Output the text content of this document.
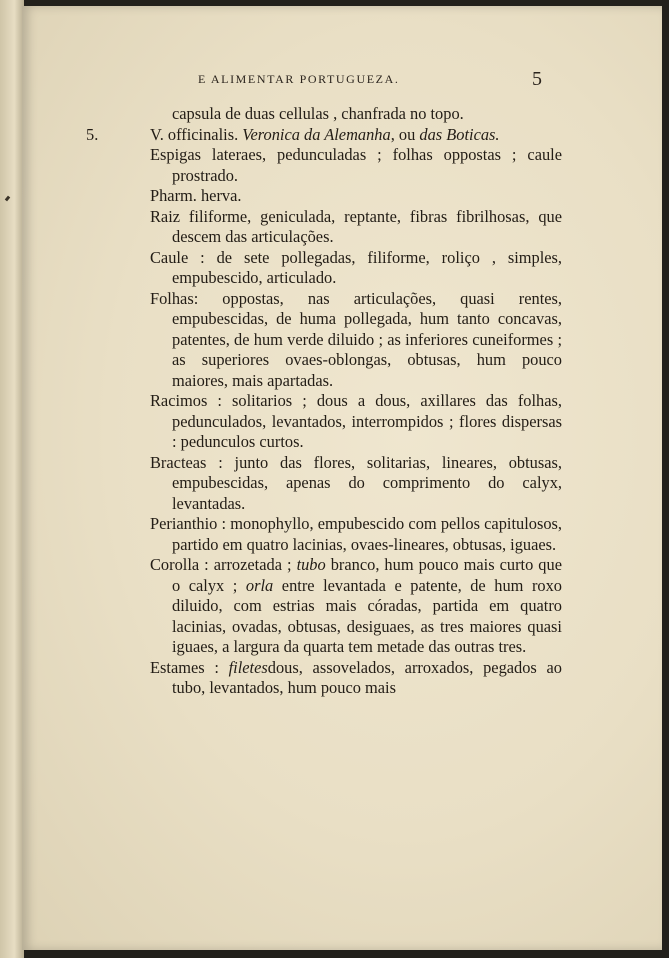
E ALIMENTAR PORTUGUEZA.	5

capsula de duas cellulas , chanfrada no topo.

5.	V. officinalis. Veronica da Alemanha, ou das Boticas.

Espigas lateraes, pedunculadas ; folhas oppostas ; caule prostrado.

Pharm. herva.

Raiz filiforme, geniculada, reptante, fibras fibrilhosas, que descem das articulações.

Caule : de sete pollegadas, filiforme, roliço , simples, empubescido, articulado.

Folhas: oppostas, nas articulações, quasi rentes, empubescidas, de huma pollegada, hum tanto concavas, patentes, de hum verde diluido ; as inferiores cuneiformes ; as superiores ovaes-oblongas, obtusas, hum pouco maiores, mais apartadas.

Racimos : solitarios ; dous a dous, axillares das folhas, pedunculados, levantados, interrompidos ; flores dispersas : pedunculos curtos.

Bracteas : junto das flores, solitarias, lineares, obtusas, empubescidas, apenas do comprimento do calyx, levantadas.

Perianthio : monophyllo, empubescido com pellos capitulosos, partido em quatro lacinias, ovaes-lineares, obtusas, iguaes.

Corolla : arrozetada ; tubo branco, hum pouco mais curto que o calyx ; orla entre levantada e patente, de hum roxo diluido, com estrias mais córadas, partida em quatro lacinias, ovadas, obtusas, desiguaes, as tres maiores quasi iguaes, a largura da quarta tem metade das outras tres.

Estames : filetesdous, assovelados, arroxados, pegados ao tubo, levantados, hum pouco mais
